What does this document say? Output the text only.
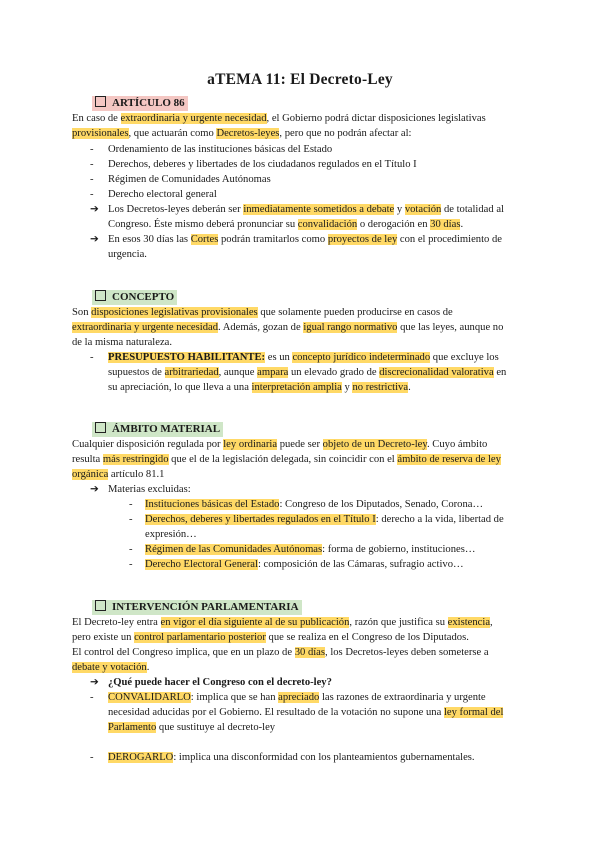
aTEMA 11: El Decreto-Ley
ARTÍCULO 86
En caso de extraordinaria y urgente necesidad, el Gobierno podrá dictar disposiciones legislativas
provisionales, que actuarán como Decretos-leyes, pero que no podrán afectar al:
- Ordenamiento de las instituciones básicas del Estado
- Derechos, deberes y libertades de los ciudadanos regulados en el Título I
- Régimen de Comunidades Autónomas
- Derecho electoral general
➔ Los Decretos-leyes deberán ser inmediatamente sometidos a debate y votación de totalidad al
Congreso. Éste mismo deberá pronunciar su convalidación o derogación en 30 días.
➔ En esos 30 días las Cortes podrán tramitarlos como proyectos de ley con el procedimiento de
urgencia.
CONCEPTO
Son disposiciones legislativas provisionales que solamente pueden producirse en casos de
extraordinaria y urgente necesidad. Además, gozan de igual rango normativo que las leyes, aunque no
de la misma naturaleza.
- PRESUPUESTO HABILITANTE: es un concepto jurídico indeterminado que excluye los
supuestos de arbitrariedad, aunque ampara un elevado grado de discrecionalidad valorativa en
su apreciación, lo que lleva a una interpretación amplia y no restrictiva.
ÁMBITO MATERIAL
Cualquier disposición regulada por ley ordinaria puede ser objeto de un Decreto-ley. Cuyo ámbito
resulta más restringido que el de la legislación delegada, sin coincidir con el ámbito de reserva de ley
orgánica artículo 81.1
➔ Materias excluidas:
- Instituciones básicas del Estado: Congreso de los Diputados, Senado, Corona…
- Derechos, deberes y libertades regulados en el Título I: derecho a la vida, libertad de
expresión…
- Régimen de las Comunidades Autónomas: forma de gobierno, instituciones…
- Derecho Electoral General: composición de las Cámaras, sufragio activo…
INTERVENCIÓN PARLAMENTARIA
El Decreto-ley entra en vigor el día siguiente al de su publicación, razón que justifica su existencia,
pero existe un control parlamentario posterior que se realiza en el Congreso de los Diputados.
El control del Congreso implica, que en un plazo de 30 días, los Decretos-leyes deben someterse a
debate y votación.
➔ ¿Qué puede hacer el Congreso con el decreto-ley?
- CONVALIDARLO: implica que se han apreciado las razones de extraordinaria y urgente
necesidad aducidas por el Gobierno. El resultado de la votación no supone una ley formal del
Parlamento que sustituye al decreto-ley
- DEROGARLO: implica una disconformidad con los planteamientos gubernamentales.
